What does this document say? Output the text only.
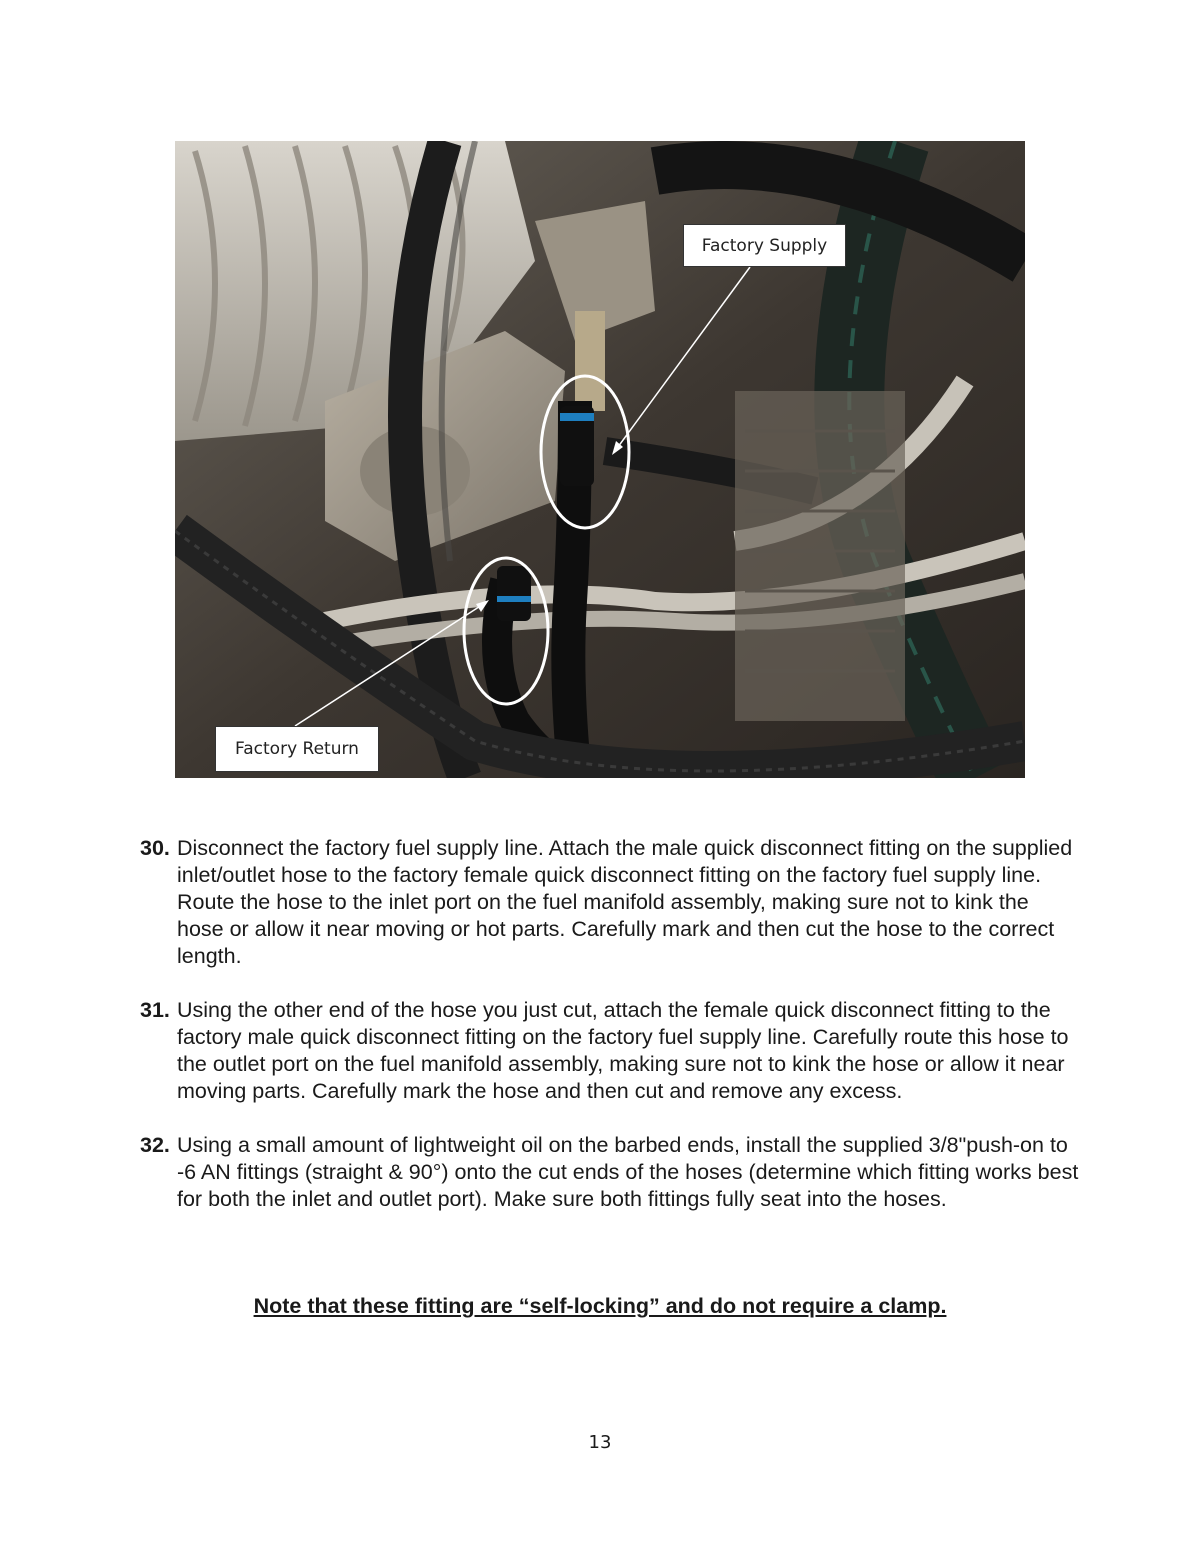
Factory Supply
Factory Return
30. Disconnect the factory fuel supply line. Attach the male quick disconnect fitting on the supplied inlet/outlet hose to the factory female quick disconnect fitting on the factory fuel supply line. Route the hose to the inlet port on the fuel manifold assembly, making sure not to kink the hose or allow it near moving or hot parts. Carefully mark and then cut the hose to the correct length.
31. Using the other end of the hose you just cut, attach the female quick disconnect fitting to the factory male quick disconnect fitting on the factory fuel supply line. Carefully route this hose to the outlet port on the fuel manifold assembly, making sure not to kink the hose or allow it near moving parts. Carefully mark the hose and then cut and remove any excess.
32. Using a small amount of lightweight oil on the barbed ends, install the supplied 3/8"push-on to -6 AN fittings (straight & 90°) onto the cut ends of the hoses (determine which fitting works best for both the inlet and outlet port). Make sure both fittings fully seat into the hoses.
Note that these fitting are “self-locking” and do not require a clamp.
13
